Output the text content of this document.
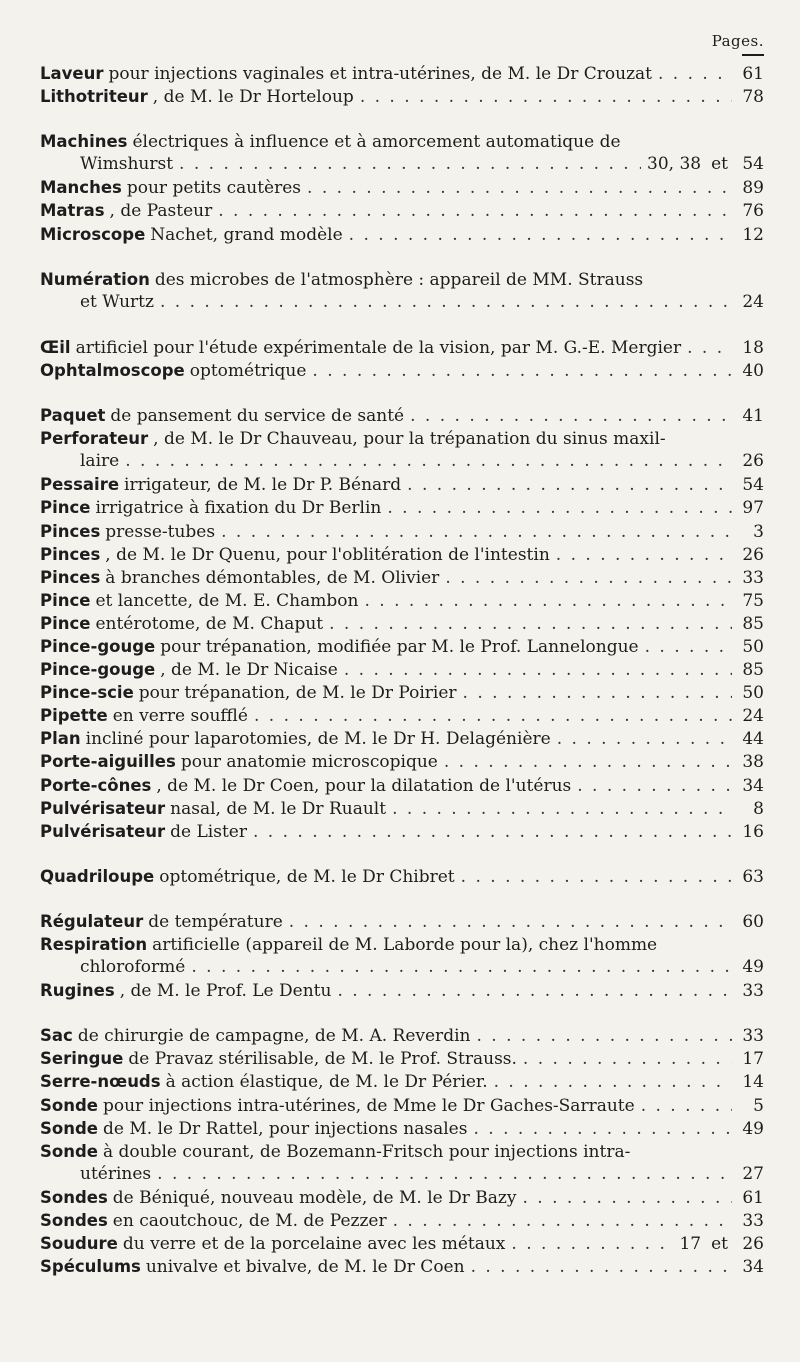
Pages.
Laveur pour injections vaginales et intra-utérines, de M. le Dr Crouzat . . .	61
Lithotriteur , de M. le Dr Horteloup . . .	78
Machines électriques à influence et à amorcement automatique de
Wimshurst . . .	30, 38 et 54
Manches pour petits cautères . . .	89
Matras , de Pasteur . . .	76
Microscope Nachet, grand modèle . . .	12
Numération des microbes de l'atmosphère : appareil de MM. Strauss
et Wurtz . . .	24
Œil artificiel pour l'étude expérimentale de la vision, par M. G.-E. Mergier . . .	18
Ophtalmoscope optométrique . . .	40
Paquet de pansement du service de santé . . .	41
Perforateur , de M. le Dr Chauveau, pour la trépanation du sinus maxil-
laire . . .	26
Pessaire irrigateur, de M. le Dr P. Bénard . . .	54
Pince irrigatrice à fixation du Dr Berlin . . .	97
Pinces presse-tubes . . .	3
Pinces , de M. le Dr Quenu, pour l'oblitération de l'intestin . . .	26
Pinces à branches démontables, de M. Olivier . . .	33
Pince et lancette, de M. E. Chambon . . .	75
Pince entérotome, de M. Chaput . . .	85
Pince-gouge pour trépanation, modifiée par M. le Prof. Lannelongue . . .	50
Pince-gouge , de M. le Dr Nicaise . . .	85
Pince-scie pour trépanation, de M. le Dr Poirier . . .	50
Pipette en verre soufflé . . .	24
Plan incliné pour laparotomies, de M. le Dr H. Delagénière . . .	44
Porte-aiguilles pour anatomie microscopique . . .	38
Porte-cônes , de M. le Dr Coen, pour la dilatation de l'utérus . . .	34
Pulvérisateur nasal, de M. le Dr Ruault . . .	8
Pulvérisateur de Lister . . .	16
Quadriloupe optométrique, de M. le Dr Chibret . . .	63
Régulateur de température . . .	60
Respiration artificielle (appareil de M. Laborde pour la), chez l'homme
chloroformé . . .	49
Rugines , de M. le Prof. Le Dentu . . .	33
Sac de chirurgie de campagne, de M. A. Reverdin . . .	33
Seringue de Pravaz stérilisable, de M. le Prof. Strauss. . . .	17
Serre-nœuds à action élastique, de M. le Dr Périer. . . .	14
Sonde pour injections intra-utérines, de Mme le Dr Gaches-Sarraute . . .	5
Sonde de M. le Dr Rattel, pour injections nasales . . .	49
Sonde à double courant, de Bozemann-Fritsch pour injections intra-
utérines . . .	27
Sondes de Béniqué, nouveau modèle, de M. le Dr Bazy . . .	61
Sondes en caoutchouc, de M. de Pezzer . . .	33
Soudure du verre et de la porcelaine avec les métaux . . .	17 et 26
Spéculums univalve et bivalve, de M. le Dr Coen . . .	34
